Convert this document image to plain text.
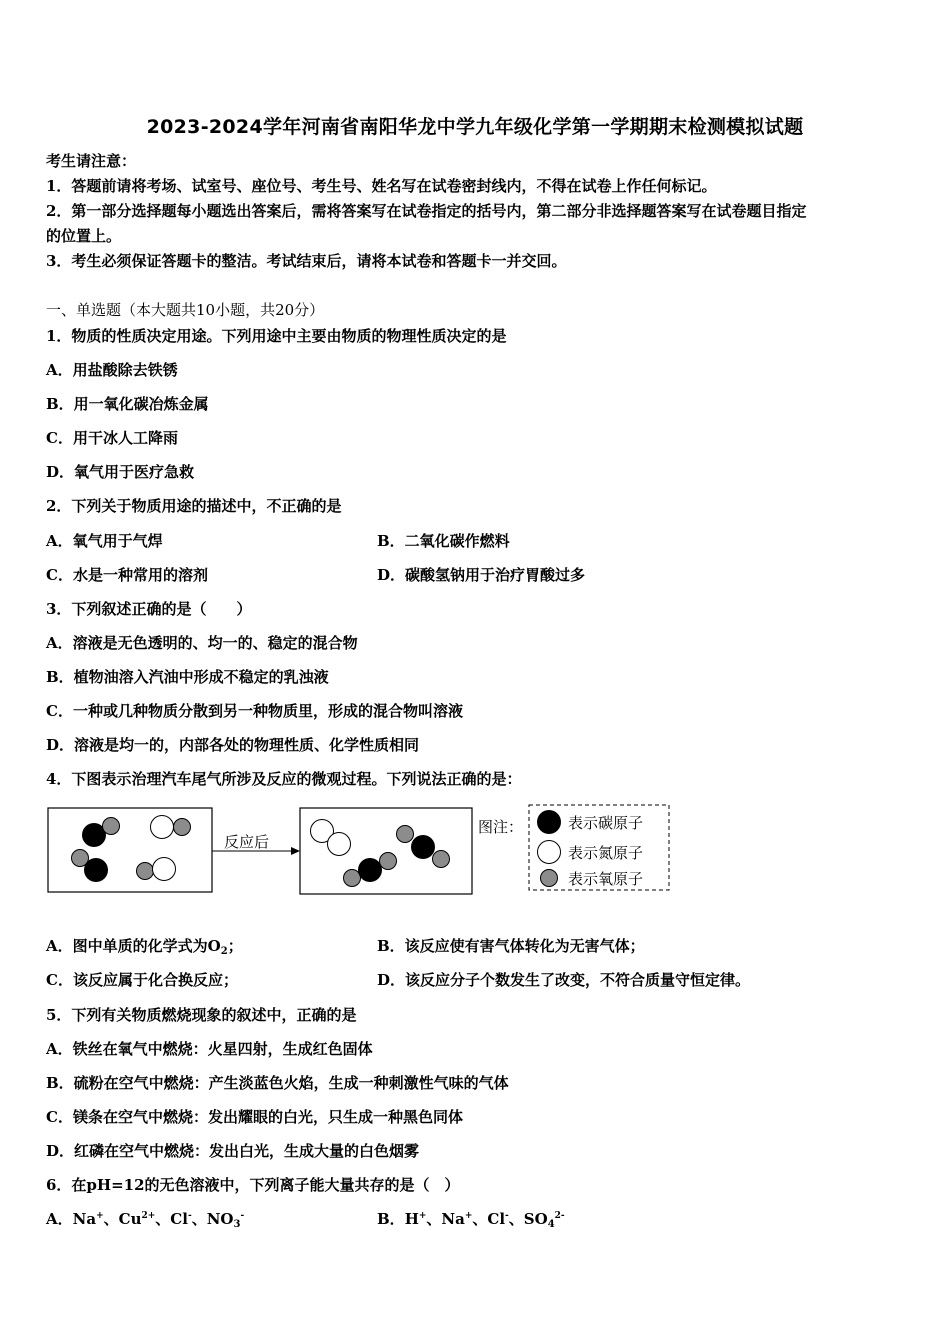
2023-2024学年河南省南阳华龙中学九年级化学第一学期期末检测模拟试题
考生请注意：
1．答题前请将考场、试室号、座位号、考生号、姓名写在试卷密封线内，不得在试卷上作任何标记。
2．第一部分选择题每小题选出答案后，需将答案写在试卷指定的括号内，第二部分非选择题答案写在试卷题目指定
的位置上。
3．考生必须保证答题卡的整洁。考试结束后，请将本试卷和答题卡一并交回。
一、单选题（本大题共10小题，共20分）
1．物质的性质决定用途。下列用途中主要由物质的物理性质决定的是
A．用盐酸除去铁锈
B．用一氧化碳冶炼金属
C．用干冰人工降雨
D．氧气用于医疗急救
2．下列关于物质用途的描述中，不正确的是
A．氧气用于气焊	B．二氧化碳作燃料
C．水是一种常用的溶剂	D．碳酸氢钠用于治疗胃酸过多
3．下列叙述正确的是（　　）
A．溶液是无色透明的、均一的、稳定的混合物
B．植物油溶入汽油中形成不稳定的乳浊液
C．一种或几种物质分散到另一种物质里，形成的混合物叫溶液
D．溶液是均一的，内部各处的物理性质、化学性质相同
4．下图表示治理汽车尾气所涉及反应的微观过程。下列说法正确的是：
反应后
图注：	表示碳原子
表示氮原子
表示氧原子
A．图中单质的化学式为$O_2$；	B．该反应使有害气体转化为无害气体；
C．该反应属于化合换反应；	D．该反应分子个数发生了改变，不符合质量守恒定律。
5．下列有关物质燃烧现象的叙述中，正确的是
A．铁丝在氧气中燃烧：火星四射，生成红色固体
B．硫粉在空气中燃烧：产生淡蓝色火焰，生成一种刺激性气味的气体
C．镁条在空气中燃烧：发出耀眼的白光，只生成一种黑色同体
D．红磷在空气中燃烧：发出白光，生成大量的白色烟雾
6．在pH=12的无色溶液中，下列离子能大量共存的是（　）
A．Na+、$Cu^{2+}$、Cl-、$NO_3^-$	B．H+、Na+、Cl-、$SO_4^{2-}$
